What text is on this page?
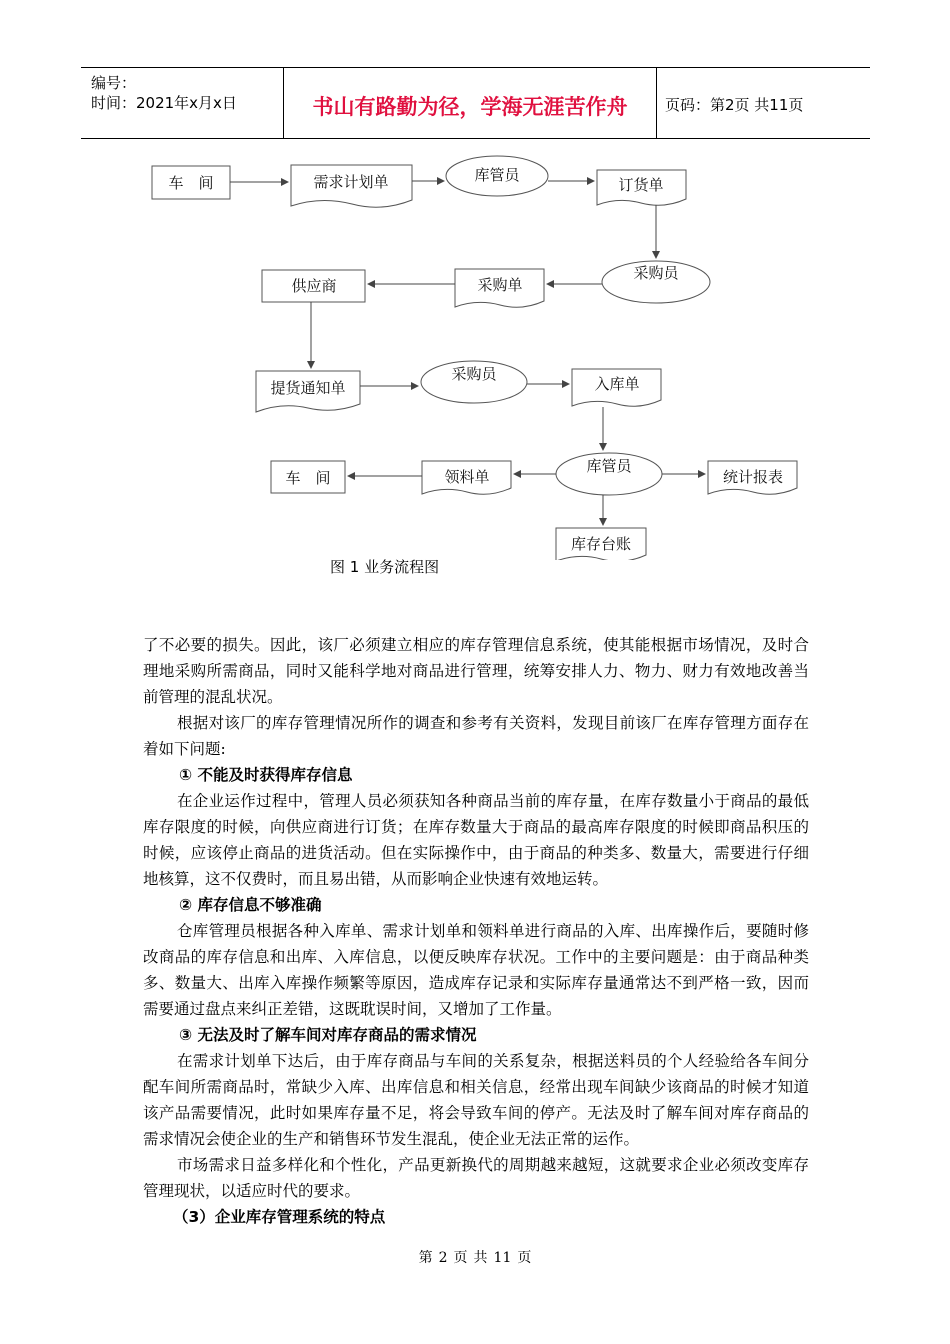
编号：
时间：2021年x月x日	书山有路勤为径，学海无涯苦作舟	页码：第2页 共11页
车　间	需求计划单	库管员
订货单
采购员
采购单
供应商
提货通知单
采购员
入库单
库管员
领料单
车　间	统计报表
库存台账
图 1 业务流程图

了不必要的损失。因此，该厂必须建立相应的库存管理信息系统，使其能根据市场情况，及时合理地采购所需商品，同时又能科学地对商品进行管理，统筹安排人力、物力、财力有效地改善当前管理的混乱状况。

根据对该厂的库存管理情况所作的调查和参考有关资料，发现目前该厂在库存管理方面存在着如下问题:

① 不能及时获得库存信息

在企业运作过程中，管理人员必须获知各种商品当前的库存量，在库存数量小于商品的最低库存限度的时候，向供应商进行订货；在库存数量大于商品的最高库存限度的时候即商品积压的时候，应该停止商品的进货活动。但在实际操作中，由于商品的种类多、数量大，需要进行仔细地核算，这不仅费时，而且易出错，从而影响企业快速有效地运转。

② 库存信息不够准确

仓库管理员根据各种入库单、需求计划单和领料单进行商品的入库、出库操作后，要随时修改商品的库存信息和出库、入库信息，以便反映库存状况。工作中的主要问题是：由于商品种类多、数量大、出库入库操作频繁等原因，造成库存记录和实际库存量通常达不到严格一致，因而需要通过盘点来纠正差错，这既耽误时间，又增加了工作量。

③ 无法及时了解车间对库存商品的需求情况

在需求计划单下达后，由于库存商品与车间的关系复杂，根据送料员的个人经验给各车间分配车间所需商品时，常缺少入库、出库信息和相关信息，经常出现车间缺少该商品的时候才知道该产品需要情况，此时如果库存量不足，将会导致车间的停产。无法及时了解车间对库存商品的需求情况会使企业的生产和销售环节发生混乱，使企业无法正常的运作。

市场需求日益多样化和个性化，产品更新换代的周期越来越短，这就要求企业必须改变库存管理现状，以适应时代的要求。

（3）企业库存管理系统的特点

第 2 页 共 11 页
